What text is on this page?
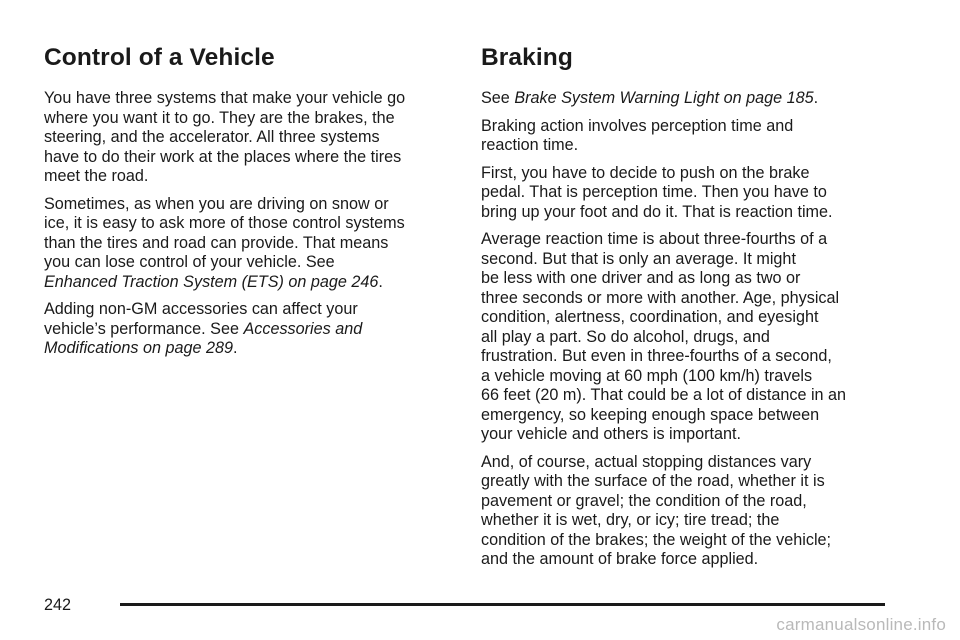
Control of a Vehicle

You have three systems that make your vehicle go
where you want it to go. They are the brakes, the
steering, and the accelerator. All three systems
have to do their work at the places where the tires
meet the road.

Sometimes, as when you are driving on snow or
ice, it is easy to ask more of those control systems
than the tires and road can provide. That means
you can lose control of your vehicle. See
Enhanced Traction System (ETS) on page 246.

Adding non-GM accessories can affect your
vehicle’s performance. See Accessories and
Modifications on page 289.

Braking

See Brake System Warning Light on page 185.

Braking action involves perception time and
reaction time.

First, you have to decide to push on the brake
pedal. That is perception time. Then you have to
bring up your foot and do it. That is reaction time.

Average reaction time is about three-fourths of a
second. But that is only an average. It might
be less with one driver and as long as two or
three seconds or more with another. Age, physical
condition, alertness, coordination, and eyesight
all play a part. So do alcohol, drugs, and
frustration. But even in three-fourths of a second,
a vehicle moving at 60 mph (100 km/h) travels
66 feet (20 m). That could be a lot of distance in an
emergency, so keeping enough space between
your vehicle and others is important.

And, of course, actual stopping distances vary
greatly with the surface of the road, whether it is
pavement or gravel; the condition of the road,
whether it is wet, dry, or icy; tire tread; the
condition of the brakes; the weight of the vehicle;
and the amount of brake force applied.

242
carmanualsonline.info
